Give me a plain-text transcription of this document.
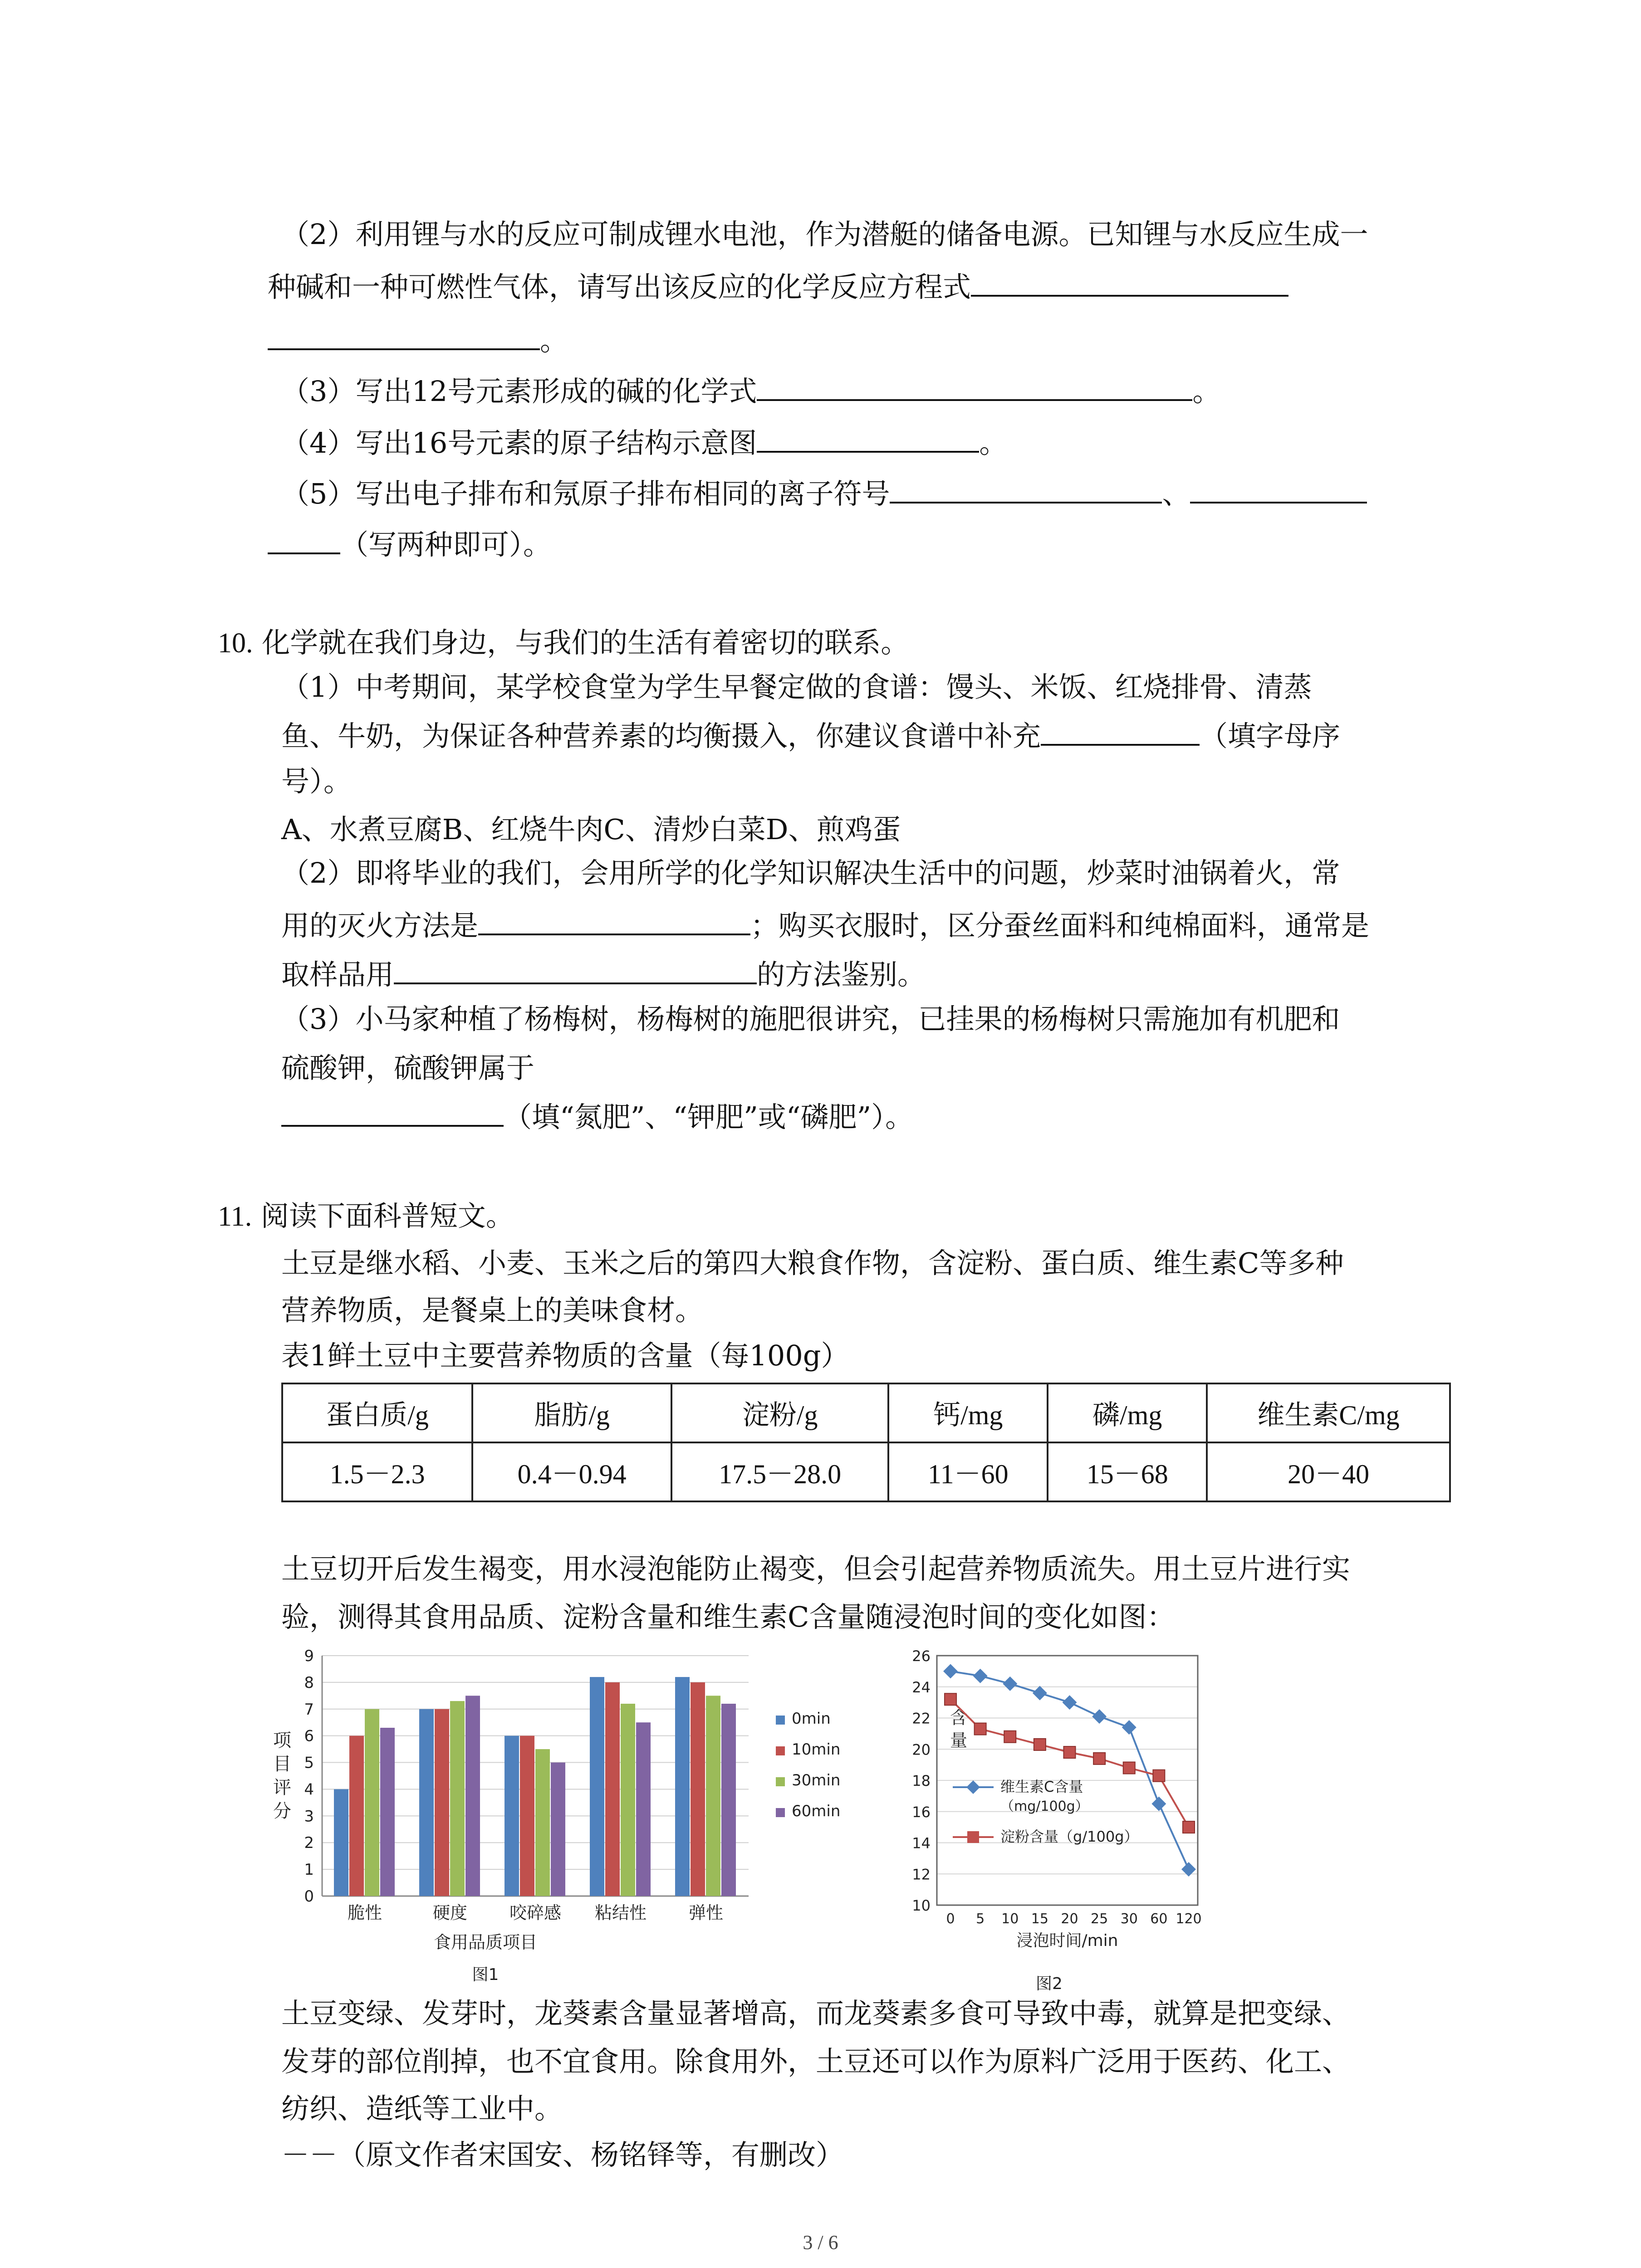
（2）利用锂与水的反应可制成锂水电池，作为潜艇的储备电源。已知锂与水反应生成一
种碱和一种可燃性气体，请写出该反应的化学反应方程式
。
（3）写出12号元素形成的碱的化学式	。
（4）写出16号元素的原子结构示意图	。
（5）写出电子排布和氖原子排布相同的离子符号	、
（写两种即可）。
10. 化学就在我们身边，与我们的生活有着密切的联系。
（1）中考期间，某学校食堂为学生早餐定做的食谱：馒头、米饭、红烧排骨、清蒸
鱼、牛奶，为保证各种营养素的均衡摄入，你建议食谱中补充	（填字母序
号）。
A、水煮豆腐B、红烧牛肉C、清炒白菜D、煎鸡蛋
（2）即将毕业的我们，会用所学的化学知识解决生活中的问题，炒菜时油锅着火，常
用的灭火方法是	；购买衣服时，区分蚕丝面料和纯棉面料，通常是
取样品用	的方法鉴别。
（3）小马家种植了杨梅树，杨梅树的施肥很讲究，已挂果的杨梅树只需施加有机肥和
硫酸钾，硫酸钾属于
（填“氮肥”、“钾肥”或“磷肥”）。
11. 阅读下面科普短文。
土豆是继水稻、小麦、玉米之后的第四大粮食作物，含淀粉、蛋白质、维生素C等多种
营养物质，是餐桌上的美味食材。
表1鲜土豆中主要营养物质的含量（每100g）
蛋白质/g	脂肪/g	淀粉/g	钙/mg	磷/mg	维生素C/mg
1.5－2.3	0.4－0.94	17.5－28.0	11－60	15－68	20－40
土豆切开后发生褐变，用水浸泡能防止褐变，但会引起营养物质流失。用土豆片进行实
验，测得其食用品质、淀粉含量和维生素C含量随浸泡时间的变化如图：
0
1
2
3
4
5
6
7
8
9
项
目
评
分
脆性	硬度 咬碎感 粘结性 弹性
食用品质项目
图1
0min
10min
30min
60min
10
12
14
16
18
20
22
24
26
0 5 10 15 20 25 30 60 120
浸泡时间/min
图2
含
量
维生素C含量
（mg/100g）
淀粉含量（g/100g）
土豆变绿、发芽时，龙葵素含量显著增高，而龙葵素多食可导致中毒，就算是把变绿、
发芽的部位削掉，也不宜食用。除食用外，土豆还可以作为原料广泛用于医药、化工、
纺织、造纸等工业中。
－－（原文作者宋国安、杨铭铎等，有删改）
3 / 6
